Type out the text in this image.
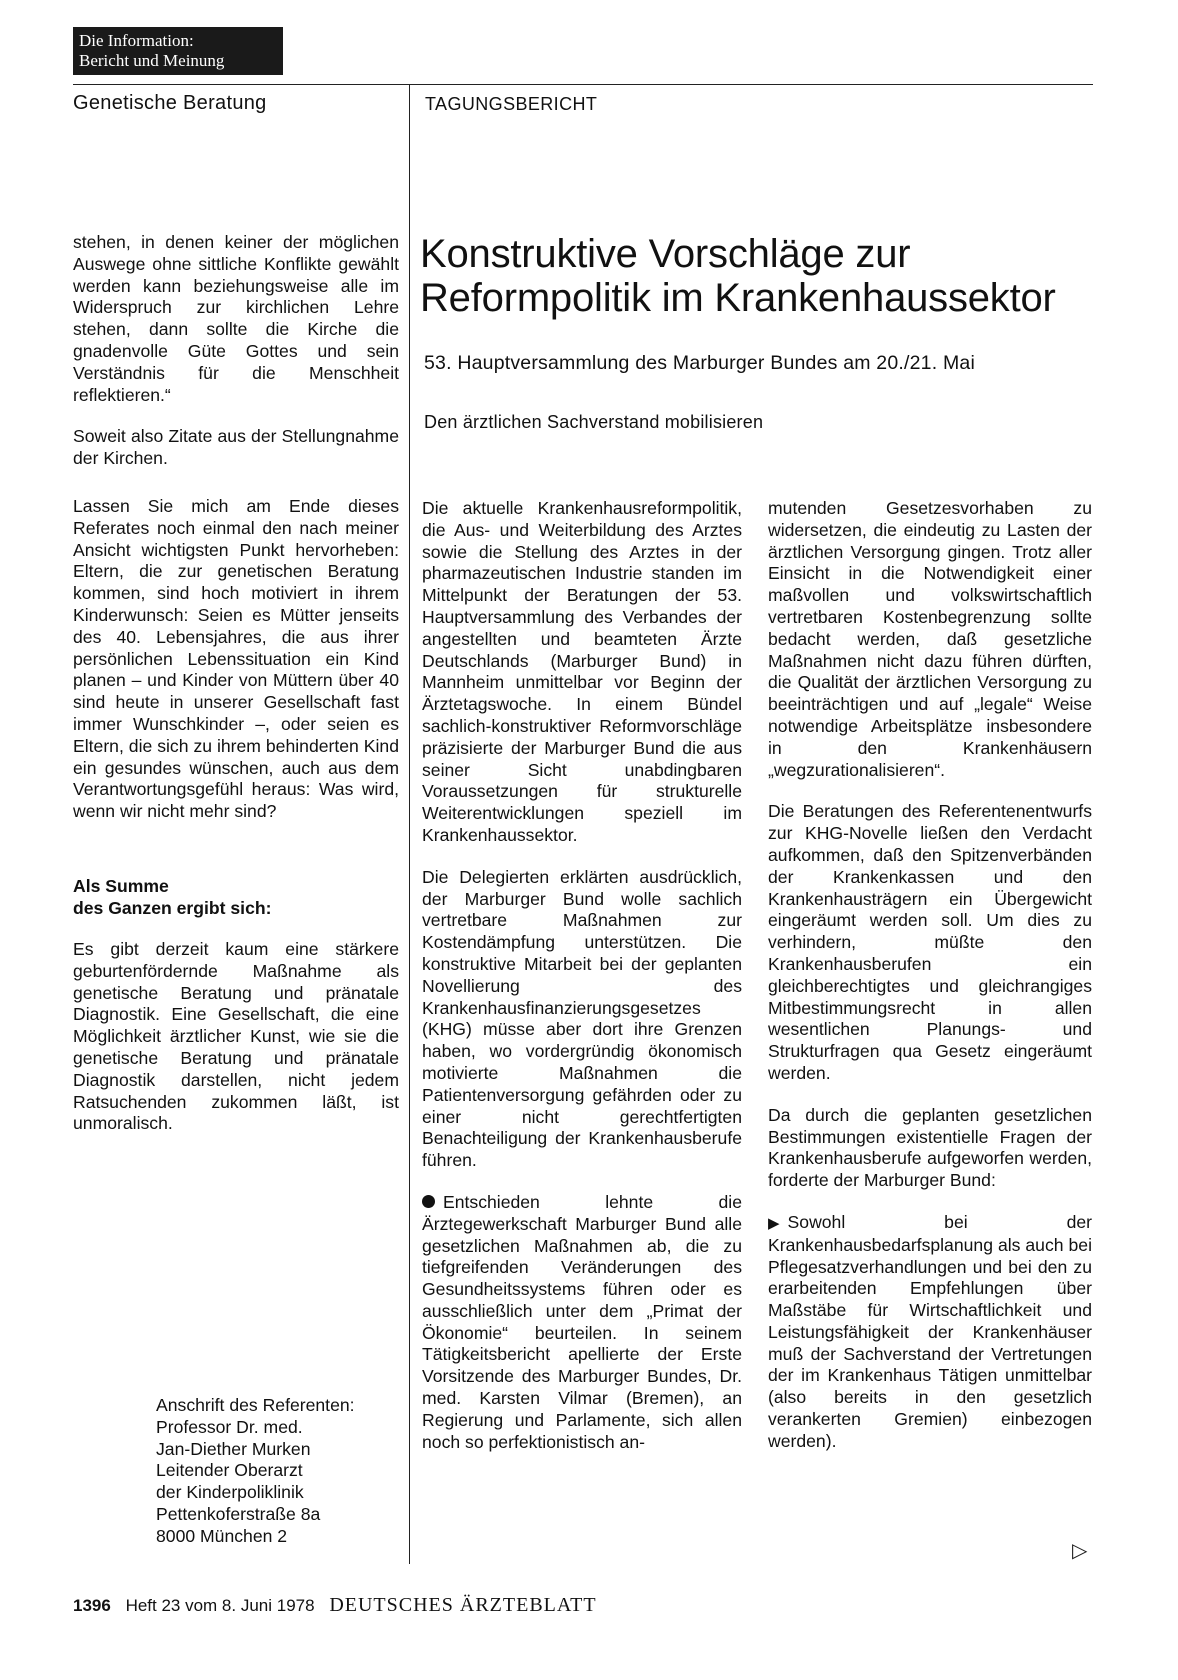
Die Information:
Bericht und Meinung
Genetische Beratung	TAGUNGSBERICHT
Konstruktive Vorschläge zur Reformpolitik im Krankenhaussektor
53. Hauptversammlung des Marburger Bundes am 20./21. Mai
Den ärztlichen Sachverstand mobilisieren

stehen, in denen keiner der möglichen Auswege ohne sittliche Konflikte gewählt werden kann beziehungsweise alle im Widerspruch zur kirchlichen Lehre stehen, dann sollte die Kirche die gnadenvolle Güte Gottes und sein Verständnis für die Menschheit reflektieren.“

Soweit also Zitate aus der Stellungnahme der Kirchen.

Lassen Sie mich am Ende dieses Referates noch einmal den nach meiner Ansicht wichtigsten Punkt hervorheben: Eltern, die zur genetischen Beratung kommen, sind hoch motiviert in ihrem Kinderwunsch: Seien es Mütter jenseits des 40. Lebensjahres, die aus ihrer persönlichen Lebenssituation ein Kind planen – und Kinder von Müttern über 40 sind heute in unserer Gesellschaft fast immer Wunschkinder –, oder seien es Eltern, die sich zu ihrem behinderten Kind ein gesundes wünschen, auch aus dem Verantwortungsgefühl heraus: Was wird, wenn wir nicht mehr sind?

Als Summe
des Ganzen ergibt sich:

Es gibt derzeit kaum eine stärkere geburtenfördernde Maßnahme als genetische Beratung und pränatale Diagnostik. Eine Gesellschaft, die eine Möglichkeit ärztlicher Kunst, wie sie die genetische Beratung und pränatale Diagnostik darstellen, nicht jedem Ratsuchenden zukommen läßt, ist unmoralisch.

Anschrift des Referenten:
Professor Dr. med.
Jan-Diether Murken
Leitender Oberarzt
der Kinderpoliklinik
Pettenkoferstraße 8a
8000 München 2

Die aktuelle Krankenhausreformpolitik, die Aus- und Weiterbildung des Arztes sowie die Stellung des Arztes in der pharmazeutischen Industrie standen im Mittelpunkt der Beratungen der 53. Hauptversammlung des Verbandes der angestellten und beamteten Ärzte Deutschlands (Marburger Bund) in Mannheim unmittelbar vor Beginn der Ärztetagswoche. In einem Bündel sachlich-konstruktiver Reformvorschläge präzisierte der Marburger Bund die aus seiner Sicht unabdingbaren Voraussetzungen für strukturelle Weiterentwicklungen speziell im Krankenhaussektor.

Die Delegierten erklärten ausdrücklich, der Marburger Bund wolle sachlich vertretbare Maßnahmen zur Kostendämpfung unterstützen. Die konstruktive Mitarbeit bei der geplanten Novellierung des Krankenhausfinanzierungsgesetzes (KHG) müsse aber dort ihre Grenzen haben, wo vordergründig ökonomisch motivierte Maßnahmen die Patientenversorgung gefährden oder zu einer nicht gerechtfertigten Benachteiligung der Krankenhausberufe führen.

Entschieden lehnte die Ärztegewerkschaft Marburger Bund alle gesetzlichen Maßnahmen ab, die zu tiefgreifenden Veränderungen des Gesundheitssystems führen oder es ausschließlich unter dem „Primat der Ökonomie“ beurteilen. In seinem Tätigkeitsbericht apellierte der Erste Vorsitzende des Marburger Bundes, Dr. med. Karsten Vilmar (Bremen), an Regierung und Parlamente, sich allen noch so perfektionistisch an-

mutenden Gesetzesvorhaben zu widersetzen, die eindeutig zu Lasten der ärztlichen Versorgung gingen. Trotz aller Einsicht in die Notwendigkeit einer maßvollen und volkswirtschaftlich vertretbaren Kostenbegrenzung sollte bedacht werden, daß gesetzliche Maßnahmen nicht dazu führen dürften, die Qualität der ärztlichen Versorgung zu beeinträchtigen und auf „legale“ Weise notwendige Arbeitsplätze insbesondere in den Krankenhäusern „wegzurationalisieren“.

Die Beratungen des Referentenentwurfs zur KHG-Novelle ließen den Verdacht aufkommen, daß den Spitzenverbänden der Krankenkassen und den Krankenhausträgern ein Übergewicht eingeräumt werden soll. Um dies zu verhindern, müßte den Krankenhausberufen ein gleichberechtigtes und gleichrangiges Mitbestimmungsrecht in allen wesentlichen Planungs- und Strukturfragen qua Gesetz eingeräumt werden.

Da durch die geplanten gesetzlichen Bestimmungen existentielle Fragen der Krankenhausberufe aufgeworfen werden, forderte der Marburger Bund:

▶ Sowohl bei der Krankenhausbedarfsplanung als auch bei Pflegesatzverhandlungen und bei den zu erarbeitenden Empfehlungen über Maßstäbe für Wirtschaftlichkeit und Leistungsfähigkeit der Krankenhäuser muß der Sachverstand der Vertretungen der im Krankenhaus Tätigen unmittelbar (also bereits in den gesetzlich verankerten Gremien) einbezogen werden).

▷
1396 Heft 23 vom 8. Juni 1978 DEUTSCHES ÄRZTEBLATT
